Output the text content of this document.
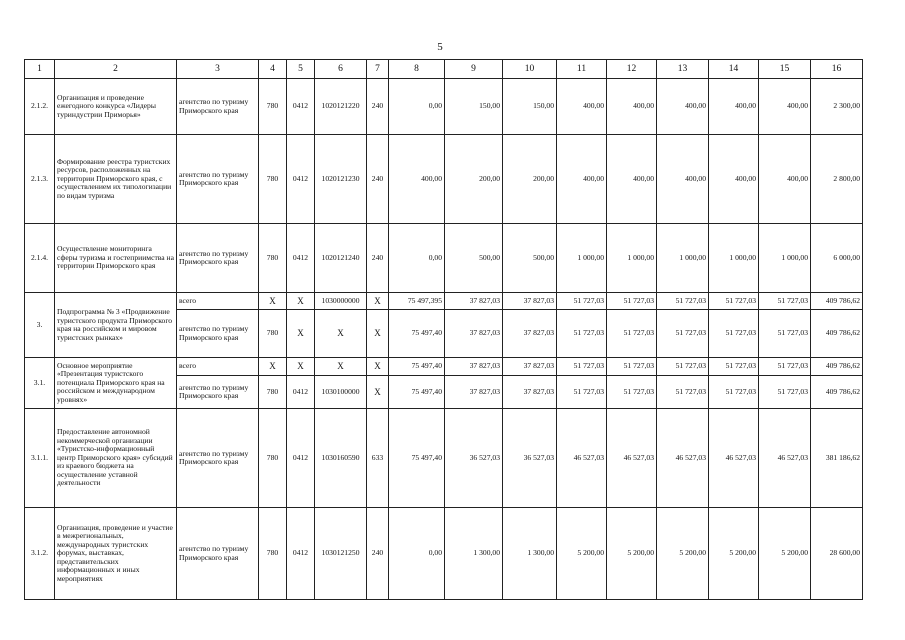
5
1	2	3	4	5	6	7	8	9	10	11	12	13	14	15	16
2.1.2.	Организация и проведение ежегодного конкурса «Лидеры туриндустрии Приморья»	агентство по туризму Приморского края	780	0412	1020121220	240	0,00	150,00	150,00	400,00	400,00	400,00	400,00	400,00	2 300,00
2.1.3.	Формирование реестра туристских ресурсов, расположенных на территории Приморского края, с осуществлением их типологизации по видам туризма	агентство по туризму Приморского края	780	0412	1020121230	240	400,00	200,00	200,00	400,00	400,00	400,00	400,00	400,00	2 800,00
2.1.4.	Осуществление мониторинга сферы туризма и гостеприимства на территории Приморского края	агентство по туризму Приморского края	780	0412	1020121240	240	0,00	500,00	500,00	1 000,00	1 000,00	1 000,00	1 000,00	1 000,00	6 000,00
3.	Подпрограмма № 3 «Продвижение туристского продукта Приморского края на российском и мировом туристских рынках»	всего	X	X	1030000000	X	75 497,395	37 827,03	37 827,03	51 727,03	51 727,03	51 727,03	51 727,03	51 727,03	409 786,62
		агентство по туризму Приморского края	780	X	X	X	75 497,40	37 827,03	37 827,03	51 727,03	51 727,03	51 727,03	51 727,03	51 727,03	409 786,62
3.1.	Основное мероприятие «Презентация туристского потенциала Приморского края на российском и международном уровнях»	всего	X	X	X	X	75 497,40	37 827,03	37 827,03	51 727,03	51 727,03	51 727,03	51 727,03	51 727,03	409 786,62
		агентство по туризму Приморского края	780	0412	1030100000	X	75 497,40	37 827,03	37 827,03	51 727,03	51 727,03	51 727,03	51 727,03	51 727,03	409 786,62
3.1.1.	Предоставление автономной некоммерческой организации «Туристско-информационный центр Приморского края» субсидий из краевого бюджета на осуществление уставной деятельности	агентство по туризму Приморского края	780	0412	1030160590	633	75 497,40	36 527,03	36 527,03	46 527,03	46 527,03	46 527,03	46 527,03	46 527,03	381 186,62
3.1.2.	Организация, проведение и участие в межрегиональных, международных туристских форумах, выставках, представительских информационных и иных мероприятиях	агентство по туризму Приморского края	780	0412	1030121250	240	0,00	1 300,00	1 300,00	5 200,00	5 200,00	5 200,00	5 200,00	5 200,00	28 600,00
